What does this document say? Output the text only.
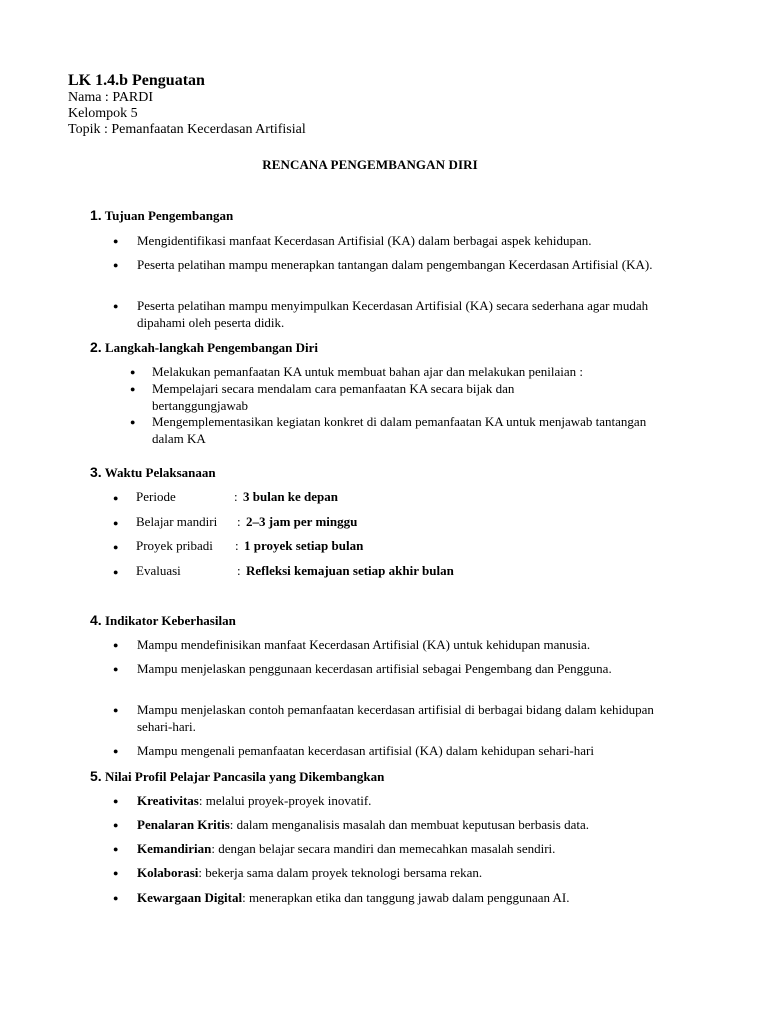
LK 1.4.b Penguatan
Nama : PARDI
Kelompok 5
Topik : Pemanfaatan Kecerdasan Artifisial
RENCANA PENGEMBANGAN DIRI
1. Tujuan Pengembangan
● Mengidentifikasi manfaat Kecerdasan Artifisial (KA) dalam berbagai aspek kehidupan.
● Peserta pelatihan mampu menerapkan tantangan dalam pengembangan Kecerdasan Artifisial (KA).
● Peserta pelatihan mampu menyimpulkan Kecerdasan Artifisial (KA) secara sederhana agar mudah dipahami oleh peserta didik.
2. Langkah-langkah Pengembangan Diri
● Melakukan pemanfaatan KA untuk membuat bahan ajar dan melakukan penilaian :
● Mempelajari secara mendalam cara pemanfaatan KA secara bijak dan bertanggungjawab
● Mengemplementasikan kegiatan konkret di dalam pemanfaatan KA untuk menjawab tantangan dalam KA
3. Waktu Pelaksanaan
● Periode	: 3 bulan ke depan
● Belajar mandiri : 2–3 jam per minggu
● Proyek pribadi : 1 proyek setiap bulan
● Evaluasi	: Refleksi kemajuan setiap akhir bulan
4. Indikator Keberhasilan
● Mampu mendefinisikan manfaat Kecerdasan Artifisial (KA) untuk kehidupan manusia.
● Mampu menjelaskan penggunaan kecerdasan artifisial sebagai Pengembang dan Pengguna.
● Mampu menjelaskan contoh pemanfaatan kecerdasan artifisial di berbagai bidang dalam kehidupan sehari-hari.
● Mampu mengenali pemanfaatan kecerdasan artifisial (KA) dalam kehidupan sehari-hari
5. Nilai Profil Pelajar Pancasila yang Dikembangkan
● Kreativitas: melalui proyek-proyek inovatif.
● Penalaran Kritis: dalam menganalisis masalah dan membuat keputusan berbasis data.
● Kemandirian: dengan belajar secara mandiri dan memecahkan masalah sendiri.
● Kolaborasi: bekerja sama dalam proyek teknologi bersama rekan.
● Kewargaan Digital: menerapkan etika dan tanggung jawab dalam penggunaan AI.
